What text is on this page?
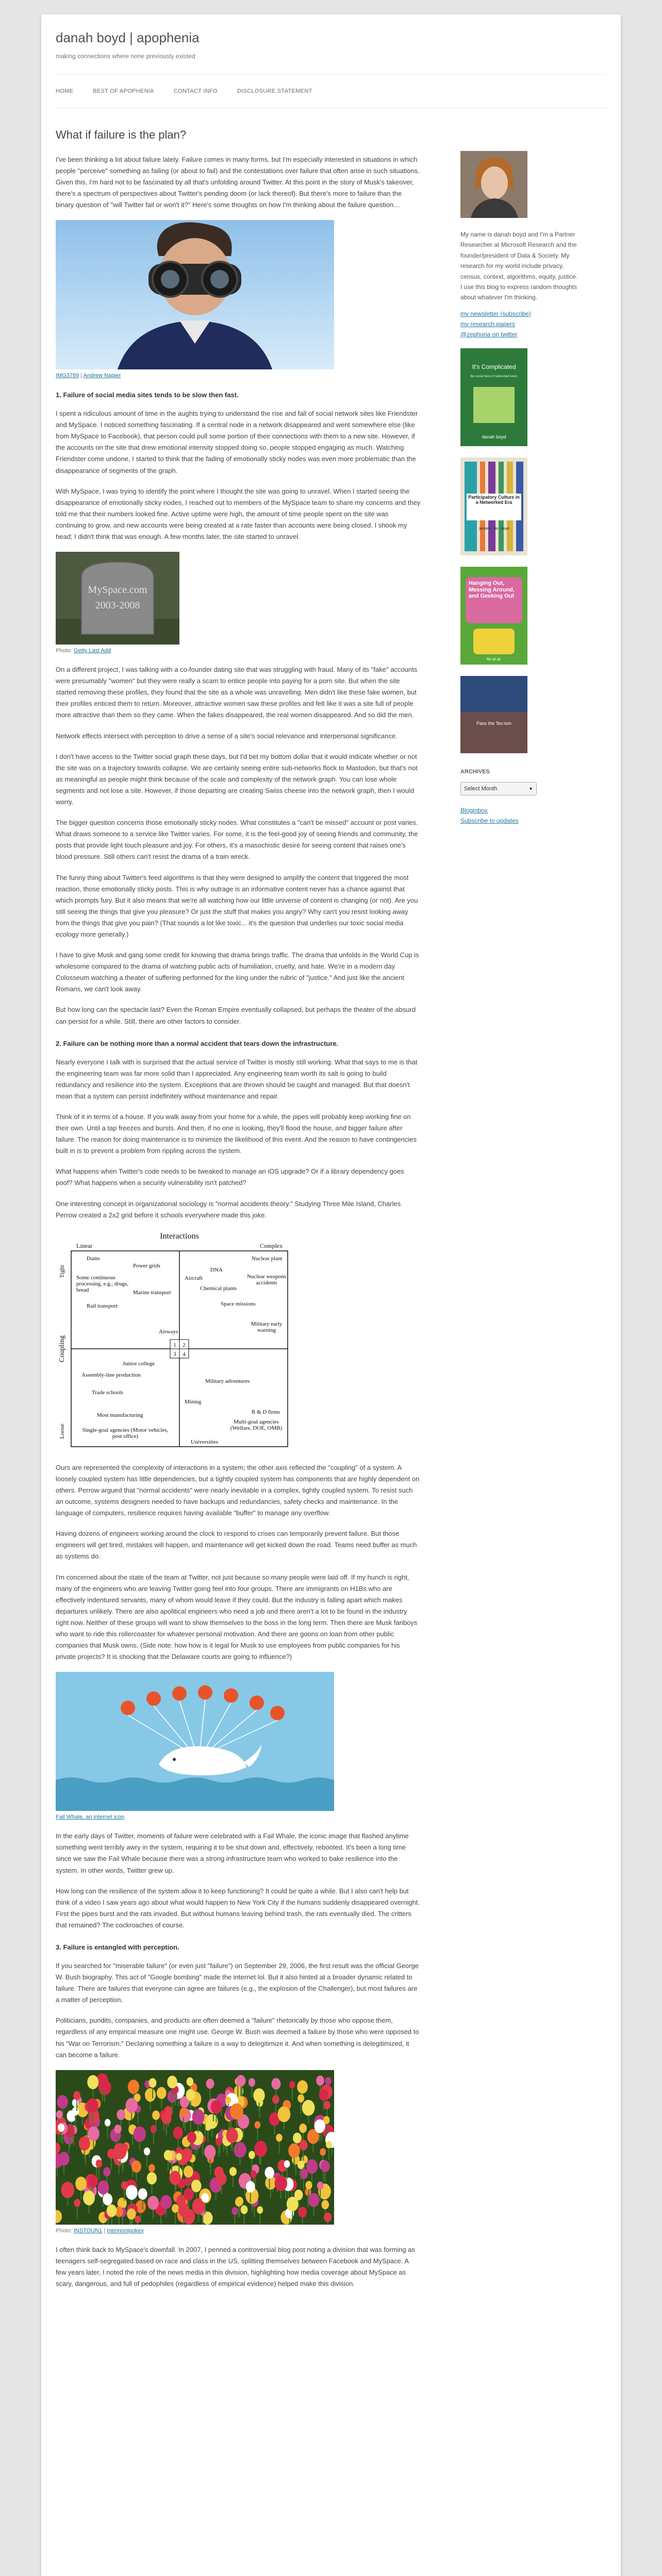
danah boyd | apophenia
making connections where none previously existed
HOME	BEST OF APOPHENIA	CONTACT INFO	DISCLOSURE STATEMENT
What if failure is the plan?

I've been thinking a lot about failure lately. Failure comes in many forms, but I'm especially interested in situations in which people "perceive" something as failing (or about to fail) and the contestations over failure that often arise in such situations. Given this, I'm hard not to be fascinated by all that's unfolding around Twitter. At this point in the story of Musk's takeover, there's a spectrum of perspectives about Twitter's pending doom (or lack thereof). But there's more to failure than the binary question of "will Twitter fail or won't it?" Here's some thoughts on how I'm thinking about the failure question…

IMG3789 | Andrew Napier
1. Failure of social media sites tends to be slow then fast.

I spent a ridiculous amount of time in the aughts trying to understand the rise and fall of social network sites like Friendster and MySpace. I noticed something fascinating. If a central node in a network disappeared and went somewhere else (like from MySpace to Facebook), that person could pull some portion of their connections with them to a new site. However, if the accounts on the site that drew emotional intensity stopped doing so, people stopped engaging as much. Watching Friendster come undone, I started to think that the fading of emotionally sticky nodes was even more problematic than the disappearance of segments of the graph.

With MySpace, I was trying to identify the point where I thought the site was going to unravel. When I started seeing the disappearance of emotionally sticky nodes, I reached out to members of the MySpace team to share my concerns and they told me that their numbers looked fine. Active uptime were high, the amount of time people spent on the site was continuing to grow, and new accounts were being created at a rate faster than accounts were being closed. I shook my head; I didn't think that was enough. A few months later, the site started to unravel.

MySpace.com
2003-2008
Photo: Getty Last Add

On a different project, I was talking with a co-founder dating site that was struggling with fraud. Many of its "fake" accounts were presumably "women" but they were really a scam to entice people into paying for a porn site. But when the site started removing these profiles, they found that the site as a whole was unravelling. Men didn't like these fake women, but their profiles enticed them to return. Moreover, attractive women saw these profiles and felt like it was a site full of people more attractive than them so they came. When the fakes disappeared, the real women disappeared. And so did the men.

Network effects intersect with perception to drive a sense of a site's social relevance and interpersonal significance.

I don't have access to the Twitter social graph these days, but I'd bet my bottom dollar that it would indicate whether or not the site was on a trajectory towards collapse. We are certainly seeing entire sub-networks flock to Mastodon, but that's not as meaningful as people might think because of the scale and complexity of the network graph. You can lose whole segments and not lose a site. However, if those departing are creating Swiss cheese into the network graph, then I would worry.

The bigger question concerns those emotionally sticky nodes. What constitutes a "can't be missed" account or post varies. What draws someone to a service like Twitter varies. For some, it is the feel-good joy of seeing friends and community, the posts that provide light touch pleasure and joy. For others, it's a masochistic desire for seeing content that raises one's blood pressure. Still others can't resist the drama of a train wreck.

The funny thing about Twitter's feed algorithms is that they were designed to amplify the content that triggered the most reaction, those emotionally sticky posts. This is why outrage is an informative content never has a chance against that which prompts fury. But it also means that we're all watching how our little universe of content is changing (or not). Are you still seeing the things that give you pleasure? Or just the stuff that makes you angry? Why can't you resist looking away from the things that give you pain? (That sounds a lot like toxic... it's the question that underlies our toxic social media ecology more generally.)

I have to give Musk and gang some credit for knowing that drama brings traffic. The drama that unfolds in the World Cup is wholesome compared to the drama of watching public acts of humiliation, cruelty, and hate. We're in a modern day Colosseum watching a theater of suffering performed for the king under the rubric of "justice." And just like the ancient Romans, we can't look away.

But how long can the spectacle last? Even the Roman Empire eventually collapsed, but perhaps the theater of the absurd can persist for a while. Still, there are other factors to consider.

2. Failure can be nothing more than a normal accident that tears down the infrastructure.

Nearly everyone I talk with is surprised that the actual service of Twitter is mostly still working. What that says to me is that the engineering team was far more solid than I appreciated. Any engineering team worth its salt is going to build redundancy and resilience into the system. Exceptions that are thrown should be caught and managed. But that doesn't mean that a system can persist indefinitely without maintenance and repair.

Think of it in terms of a house. If you walk away from your home for a while, the pipes will probably keep working fine on their own. Until a tap freezes and bursts. And then, if no one is looking, they'll flood the house, and bigger failure after failure. The reason for doing maintenance is to minimize the likelihood of this event. And the reason to have contingencies built in is to prevent a problem from rippling across the system.

What happens when Twitter's code needs to be tweaked to manage an iOS upgrade? Or if a library dependency goes poof? What happens when a security vulnerability isn't patched?

One interesting concept in organizational sociology is "normal accidents theory." Studying Three Mile Island, Charles Perrow created a 2x2 grid before it schools everywhere made this joke.

Interactions
Linear	Complex
Tight
Coupling
Loose
Dams
Power grids
Some continuous processing, e.g., drugs, bread	Marine transport
Rail transport
Airways
Nuclear plant
DNA
Aircraft
Chemical plants
Nuclear weapons accidents
Space missions
Military early warning
1 2
3 4
Junior college
Assembly-line production
Trade schools
Most manufacturing
Single-goal agencies (Motor vehicles, post office)
Military adventures
Mining
R & D firms
Multi-goal agencies (Welfare, DOE, OMB)
Universities

Ours are represented the complexity of interactions in a system; the other axis reflected the "coupling" of a system. A loosely coupled system has little dependencies, but a tightly coupled system has components that are highly dependent on others. Perrow argued that "normal accidents" were nearly inevitable in a complex, tightly coupled system. To resist such an outcome, systems designers needed to have backups and redundancies, safety checks and maintenance. In the language of computers, resilience requires having available "buffer" to manage any overflow.

Having dozens of engineers working around the clock to respond to crises can temporarily prevent failure. But those engineers will get tired, mistakes will happen, and maintenance will get kicked down the road. Teams need buffer as much as systems do.

I'm concerned about the state of the team at Twitter, not just because so many people were laid off. If my hunch is right, many of the engineers who are leaving Twitter going feel into four groups. There are immigrants on H1Bs who are effectively indentured servants, many of whom would leave if they could. But the industry is falling apart which makes departures unlikely. There are also apolitical engineers who need a job and there aren't a lot to be found in the industry right now. Neither of these groups will want to show themselves to the boss in the long term. Then there are Musk fanboys who want to ride this rollercoaster for whatever personal motivation. And there are goons on loan from other public companies that Musk owns. (Side note: how how is it legal for Musk to use employees from public companies for his private projects? It is shocking that the Delaware courts are going to influence?)

Fail Whale, an internet icon

In the early days of Twitter, moments of failure were celebrated with a Fail Whale, the iconic image that flashed anytime something went terribly awry in the system, requiring it to be shut down and, effectively, rebooted. It's been a long time since we saw the Fail Whale because there was a strong infrastructure team who worked to bake resilience into the system. In other words, Twitter grew up.

How long can the resilience of the system allow it to keep functioning? It could be quite a while. But I also can't help but think of a video I saw years ago about what would happen to New York City if the humans suddenly disappeared overnight. First the pipes burst and the rats invaded. But without humans leaving behind trash, the rats eventually died. The critters that remained? The cockroaches of course.

3. Failure is entangled with perception.

If you searched for "miserable failure" (or even just "failure") on September 29, 2006, the first result was the official George W. Bush biography. This act of "Google bombing" made the internet lol. But it also hinted at a broader dynamic related to failure. There are failures that everyone can agree are failures (e.g., the explosion of the Challenger), but most failures are a matter of perception.

Politicians, pundits, companies, and products are often deemed a "failure" rhetorically by those who oppose them, regardless of any empirical measure one might use. George W. Bush was deemed a failure by those who were opposed to his "War on Terrorism." Declaring something a failure is a way to delegitimize it. And when something is delegitimized, it can become a failure.

Photo: INSTOUN1 | mennonipokey

I often think back to MySpace's downfall. In 2007, I penned a controversial blog post noting a division that was forming as teenagers self-segregated based on race and class in the US, splitting themselves between Facebook and MySpace. A few years later, I noted the role of the news media in this division, highlighting how media coverage about MySpace as scary, dangerous, and full of pedophiles (regardless of empirical evidence) helped make this division.

My name is danah boyd and I'm a Partner Researcher at Microsoft Research and the founder/president of Data & Society. My research for my world include privacy, census, context, algorithms, equity, justice. I use this blog to express random thoughts about whatever I'm thinking.

my newsletter (subscribe)
my research papers
@zephoria on twitter
It's Complicated
the social lives of networked teens
danah boyd
Participatory Culture in a Networked Era
Jenkins · Ito · boyd
Hanging Out, Messing Around, and Geeking Out
Ito et al.
Pass the Tex:ism
ARCHIVES
Select Month	▼
Bloginbox
Subscribe to updates
